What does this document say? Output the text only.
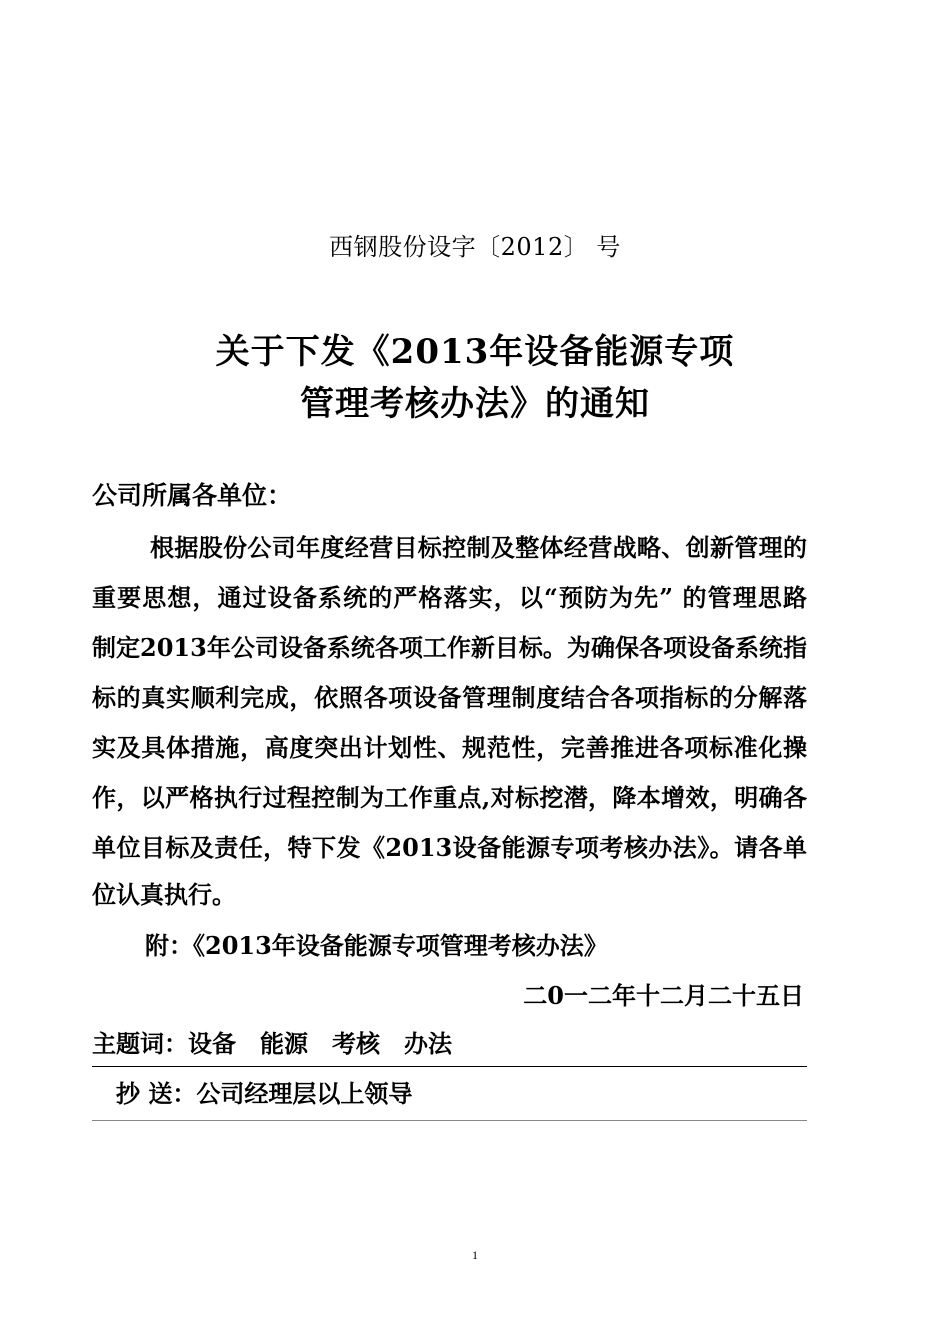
西钢股份设字〔2012〕 号
关于下发《2013年设备能源专项
管理考核办法》的通知
公司所属各单位：
根据股份公司年度经营目标控制及整体经营战略、创新管理的
重要思想，通过设备系统的严格落实，以“预防为先” 的管理思路
制定2013年公司设备系统各项工作新目标。为确保各项设备系统指
标的真实顺利完成，依照各项设备管理制度结合各项指标的分解落
实及具体措施，高度突出计划性、规范性，完善推进各项标准化操
作，以严格执行过程控制为工作重点,对标挖潜，降本增效，明确各
单位目标及责任，特下发《2013设备能源专项考核办法》。请各单
位认真执行。
附：《2013年设备能源专项管理考核办法》
二0一二年十二月二十五日
主题词：设备 能源 考核 办法
抄 送：公司经理层以上领导
1
